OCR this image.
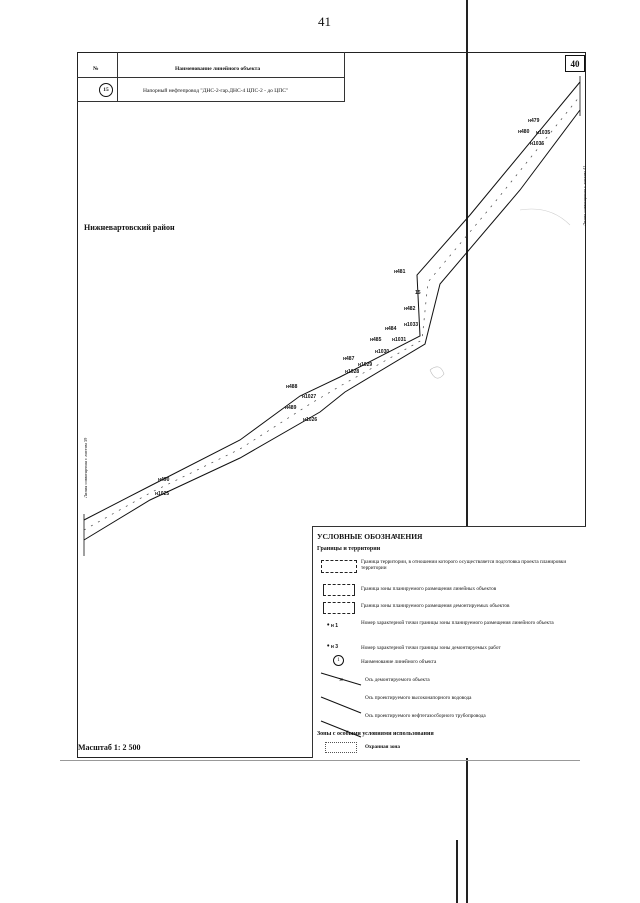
41
№	Наименование линейного объекта
15	Напорный нефтепровод "ДНС-2-гар.ДНС-4 ЦПС-2 - до ЦПС"
40
Нижневартовский район
н479
н480 н1035
н1036
н481
15
н482
н1033
н484
н1031
н485
н1030
н487
н1029
н1028
н488
н1027
н489
н1026
н490
н1025
Линия совмещения с листом 41
Линия совмещения с листом 39
УСЛОВНЫЕ ОБОЗНАЧЕНИЯ
Границы и территории
Граница территории, в отношении которого осуществляется подготовка проекта планировки территории
Граница зоны планируемого размещения линейных объектов
Граница зоны планируемого размещения демонтируемых объектов
• н 1	Номер характерной точки границы зоны планируемого размещения линейного объекта
• н 3	Номер характерной точки границы зоны демонтируемых работ
1	Наименование линейного объекта
×	Ось демонтируемого объекта
Ось проектируемого высоконапорного водовода
Ось проектируемого нефтегазосборного трубопровода
Зоны с особыми условиями использования
Охранная зона
Масштаб 1: 2 500
